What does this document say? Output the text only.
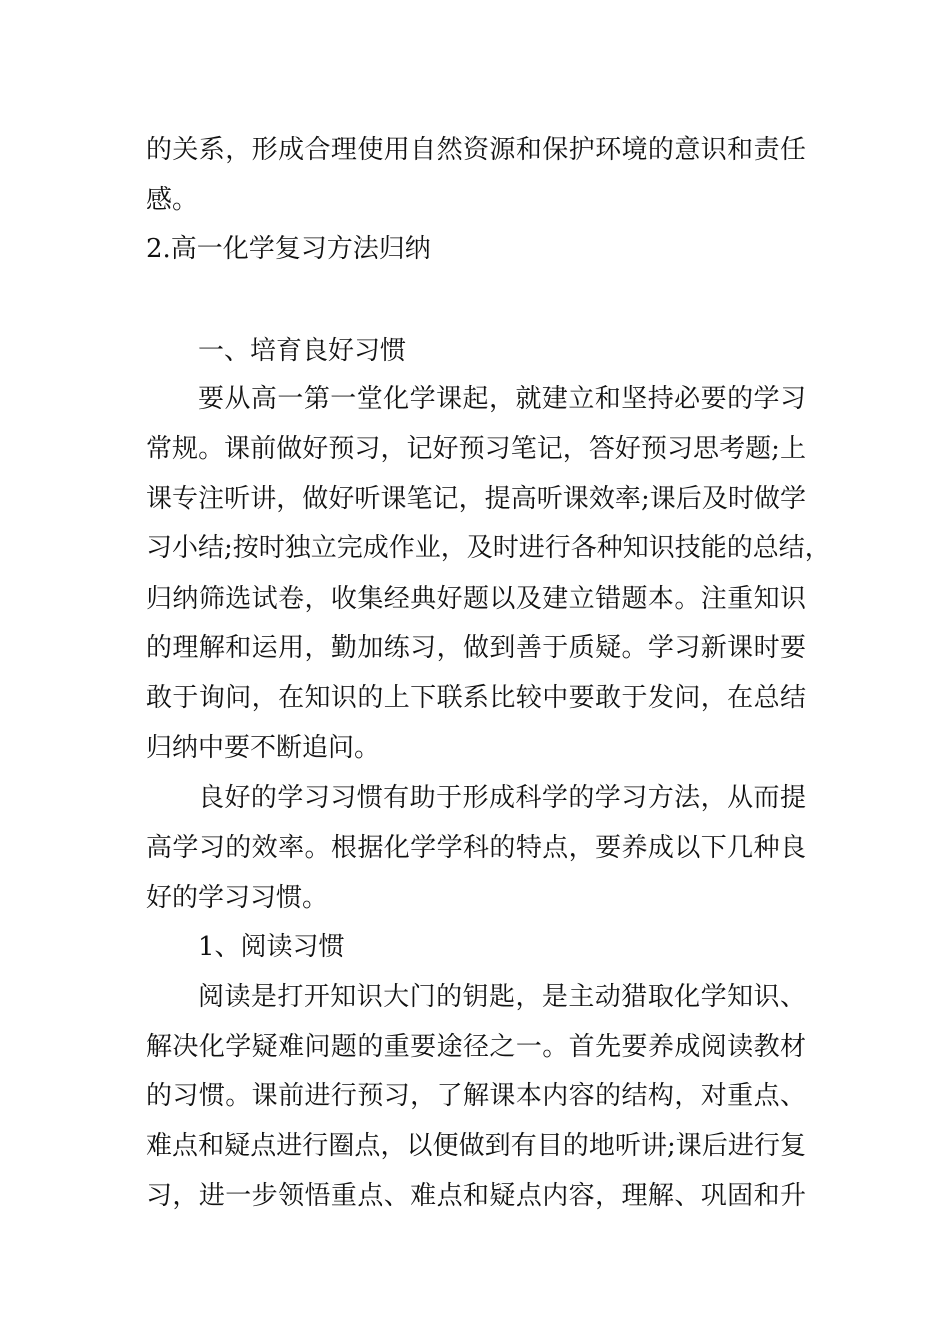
的关系，形成合理使用自然资源和保护环境的意识和责任
感。
2.高一化学复习方法归纳
一、培育良好习惯
要从高一第一堂化学课起，就建立和坚持必要的学习
常规。课前做好预习，记好预习笔记，答好预习思考题;上
课专注听讲，做好听课笔记，提高听课效率;课后及时做学
习小结;按时独立完成作业，及时进行各种知识技能的总结，
归纳筛选试卷，收集经典好题以及建立错题本。注重知识
的理解和运用，勤加练习，做到善于质疑。学习新课时要
敢于询问，在知识的上下联系比较中要敢于发问，在总结
归纳中要不断追问。
良好的学习习惯有助于形成科学的学习方法，从而提
高学习的效率。根据化学学科的特点，要养成以下几种良
好的学习习惯。
1、阅读习惯
阅读是打开知识大门的钥匙，是主动猎取化学知识、
解决化学疑难问题的重要途径之一。首先要养成阅读教材
的习惯。课前进行预习，了解课本内容的结构，对重点、
难点和疑点进行圈点，以便做到有目的地听讲;课后进行复
习，进一步领悟重点、难点和疑点内容，理解、巩固和升
